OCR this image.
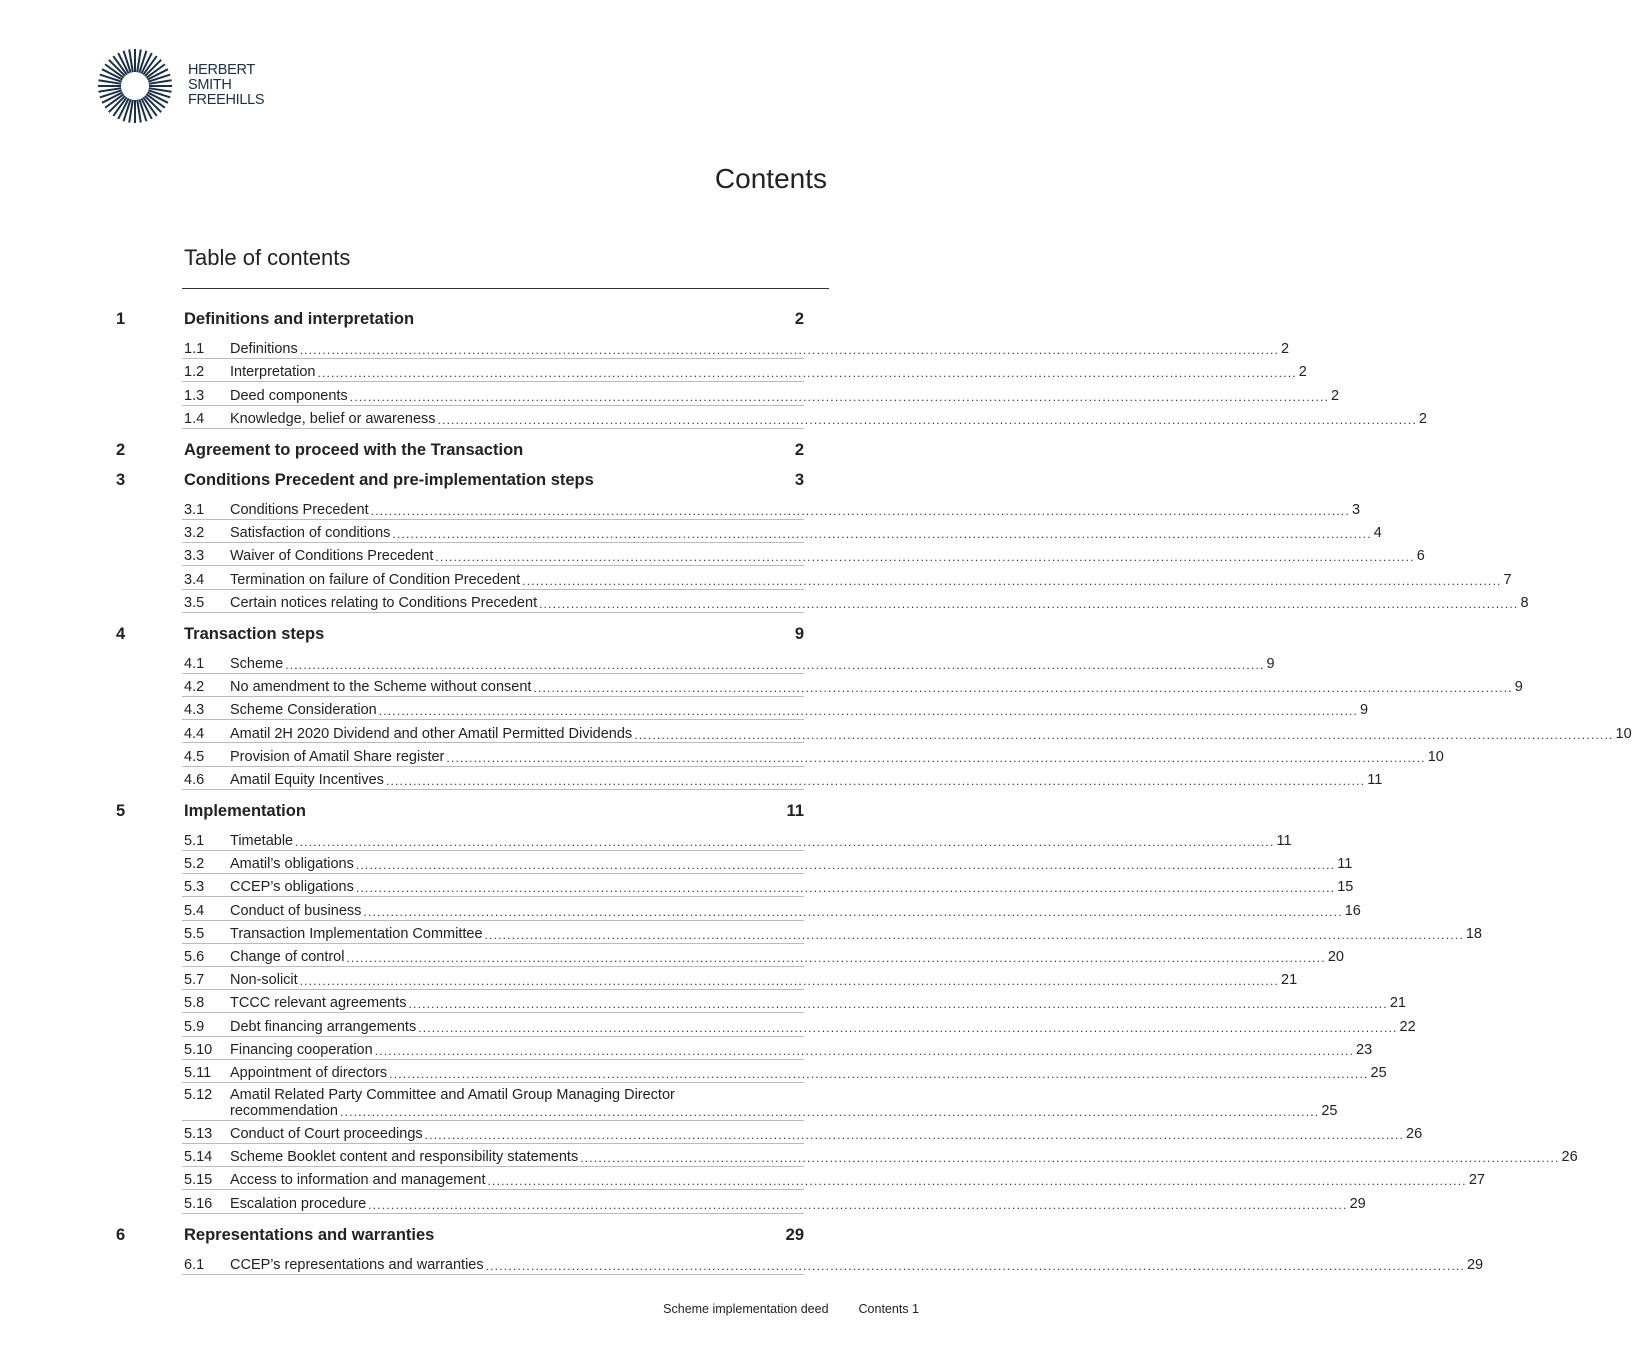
HERBERT
SMITH
FREEHILLS
Contents
Table of contents
1	Definitions and interpretation	2
1.1	Definitions .....	2
1.2	Interpretation .....	2
1.3	Deed components .....	2
1.4	Knowledge, belief or awareness .....	2
2	Agreement to proceed with the Transaction	2
3	Conditions Precedent and pre-implementation steps	3
3.1	Conditions Precedent .....	3
3.2	Satisfaction of conditions .....	4
3.3	Waiver of Conditions Precedent .....	6
3.4	Termination on failure of Condition Precedent .....	7
3.5	Certain notices relating to Conditions Precedent .....	8
4	Transaction steps	9
4.1	Scheme .....	9
4.2	No amendment to the Scheme without consent .....	9
4.3	Scheme Consideration .....	9
4.4	Amatil 2H 2020 Dividend and other Amatil Permitted Dividends .....	10
4.5	Provision of Amatil Share register .....	10
4.6	Amatil Equity Incentives .....	11
5	Implementation	11
5.1	Timetable .....	11
5.2	Amatil’s obligations .....	11
5.3	CCEP’s obligations .....	15
5.4	Conduct of business .....	16
5.5	Transaction Implementation Committee .....	18
5.6	Change of control .....	20
5.7	Non-solicit .....	21
5.8	TCCC relevant agreements .....	21
5.9	Debt financing arrangements .....	22
5.10	Financing cooperation .....	23
5.11	Appointment of directors .....	25
5.12	Amatil Related Party Committee and Amatil Group Managing Director
recommendation .....	25
5.13	Conduct of Court proceedings .....	26
5.14	Scheme Booklet content and responsibility statements .....	26
5.15	Access to information and management .....	27
5.16	Escalation procedure .....	29
6	Representations and warranties	29
6.1	CCEP’s representations and warranties .....	29
Scheme implementation deed Contents 1
